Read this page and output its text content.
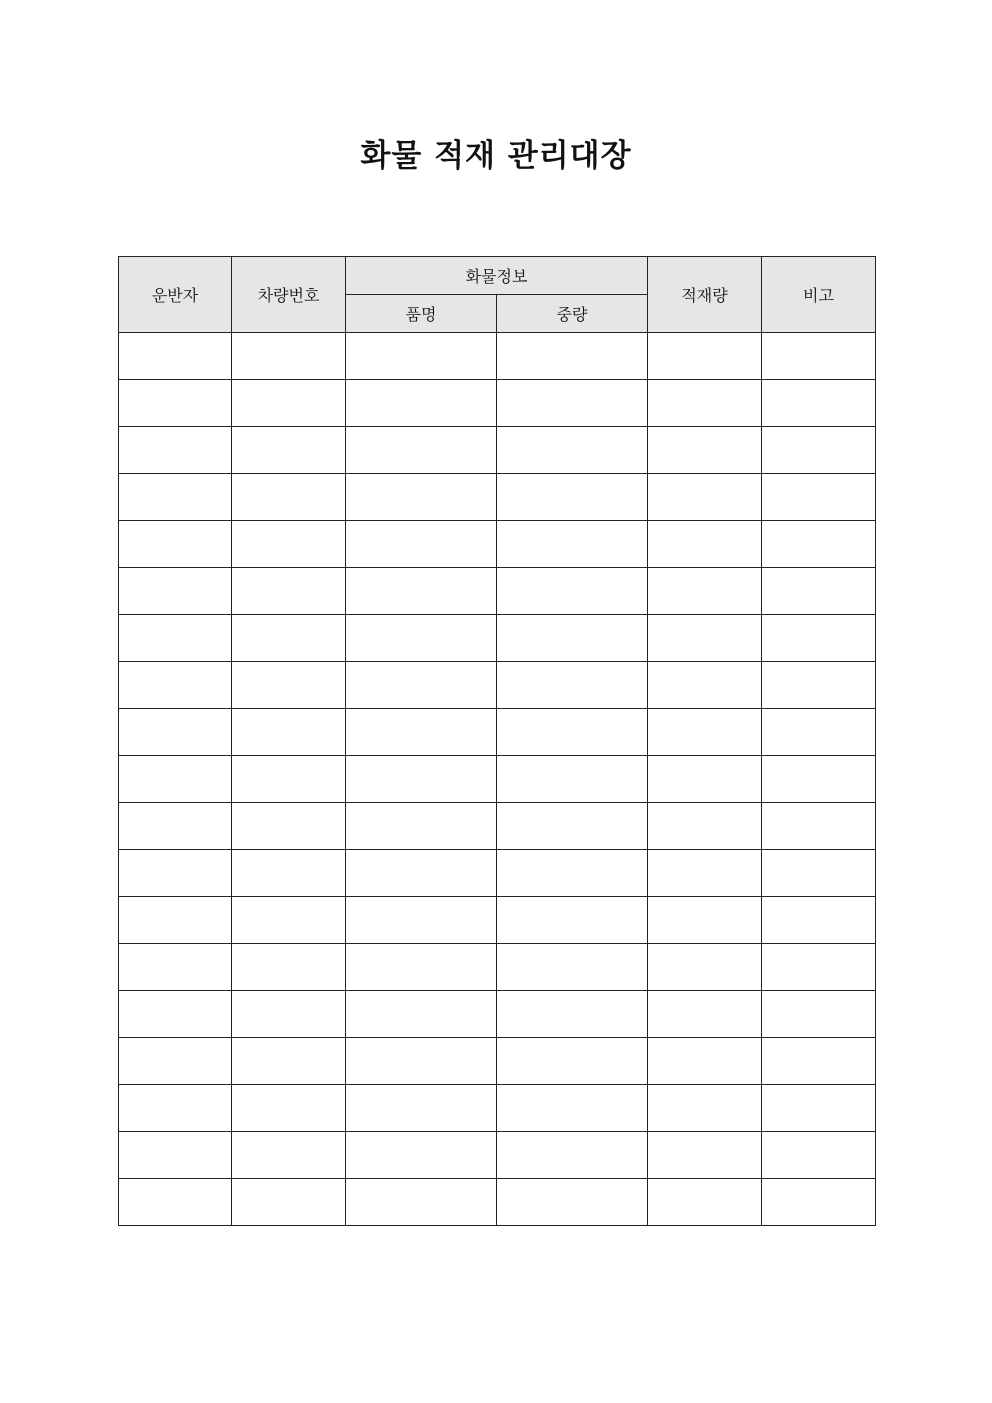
화물 적재 관리대장
운반자	차량번호	화물정보		적재량	비고
		품명	중량		
